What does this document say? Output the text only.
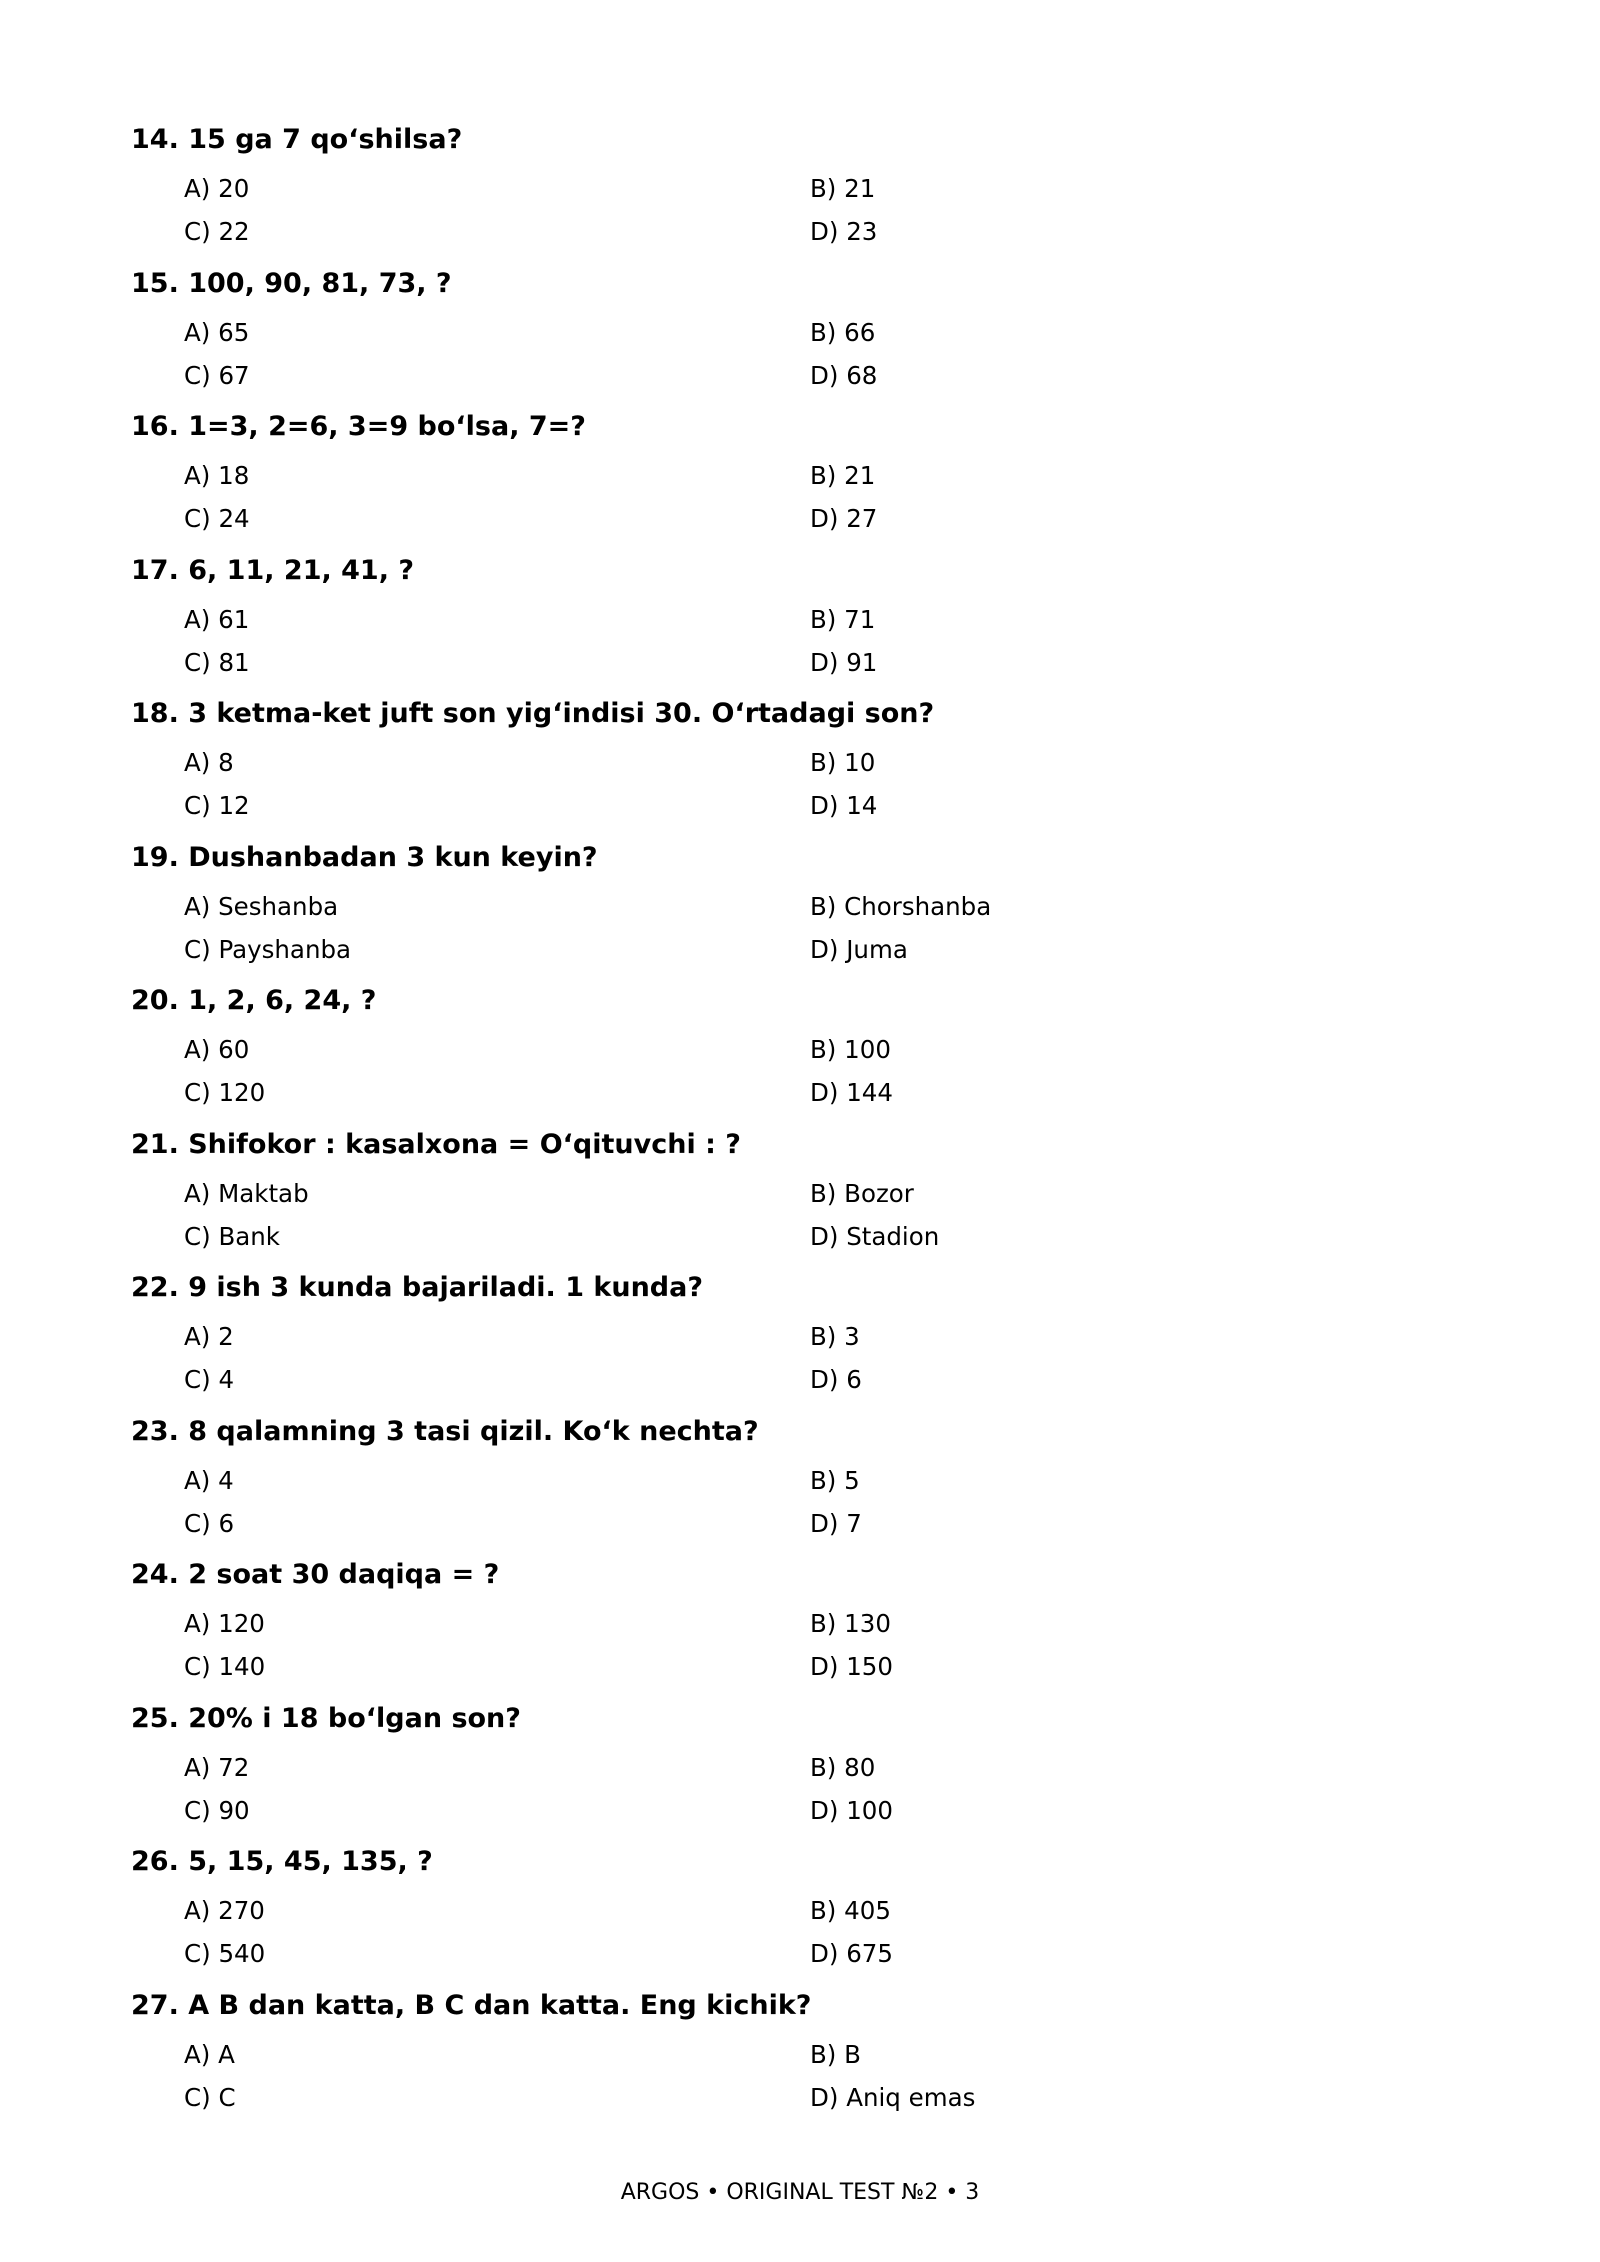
14. 15 ga 7 qo‘shilsa?
A) 20	B) 21
C) 22	D) 23
15. 100, 90, 81, 73, ?
A) 65	B) 66
C) 67	D) 68
16. 1=3, 2=6, 3=9 bo‘lsa, 7=?
A) 18	B) 21
C) 24	D) 27
17. 6, 11, 21, 41, ?
A) 61	B) 71
C) 81	D) 91
18. 3 ketma-ket juft son yig‘indisi 30. O‘rtadagi son?
A) 8	B) 10
C) 12	D) 14
19. Dushanbadan 3 kun keyin?
A) Seshanba	B) Chorshanba
C) Payshanba	D) Juma
20. 1, 2, 6, 24, ?
A) 60	B) 100
C) 120	D) 144
21. Shifokor : kasalxona = O‘qituvchi : ?
A) Maktab	B) Bozor
C) Bank	D) Stadion
22. 9 ish 3 kunda bajariladi. 1 kunda?
A) 2	B) 3
C) 4	D) 6
23. 8 qalamning 3 tasi qizil. Ko‘k nechta?
A) 4	B) 5
C) 6	D) 7
24. 2 soat 30 daqiqa = ?
A) 120	B) 130
C) 140	D) 150
25. 20% i 18 bo‘lgan son?
A) 72	B) 80
C) 90	D) 100
26. 5, 15, 45, 135, ?
A) 270	B) 405
C) 540	D) 675
27. A B dan katta, B C dan katta. Eng kichik?
A) A	B) B
C) C	D) Aniq emas
ARGOS • ORIGINAL TEST №2 • 3
